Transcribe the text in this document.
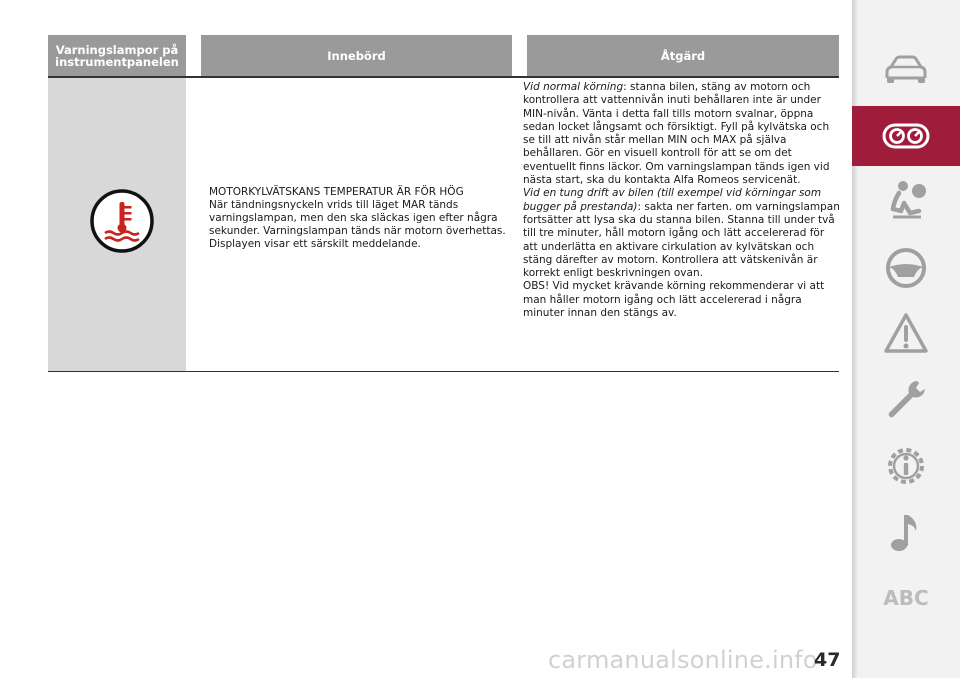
Varningslampor på instrumentpanelen	Innebörd	Åtgärd
MOTORKYLVÄTSKANS TEMPERATUR ÄR FÖR HÖG
När tändningsnyckeln vrids till läget MAR tänds varningslampan, men den ska släckas igen efter några sekunder. Varningslampan tänds när motorn överhettas. Displayen visar ett särskilt meddelande.
Vid normal körning: stanna bilen, stäng av motorn och kontrollera att vattennivån inuti behållaren inte är under MIN-nivån. Vänta i detta fall tills motorn svalnar, öppna sedan locket långsamt och försiktigt. Fyll på kylvätska och se till att nivån står mellan MIN och MAX på själva behållaren. Gör en visuell kontroll för att se om det eventuellt finns läckor. Om varningslampan tänds igen vid nästa start, ska du kontakta Alfa Romeos servicenät.
Vid en tung drift av bilen (till exempel vid körningar som bugger på prestanda): sakta ner farten. om varningslampan fortsätter att lysa ska du stanna bilen. Stanna till under två till tre minuter, håll motorn igång och lätt accelererad för att underlätta en aktivare cirkulation av kylvätskan och stäng därefter av motorn. Kontrollera att vätskenivån är korrekt enligt beskrivningen ovan.
OBS! Vid mycket krävande körning rekommenderar vi att man håller motorn igång och lätt accelererad i några minuter innan den stängs av.
carmanualsonline.info
47
ABC
